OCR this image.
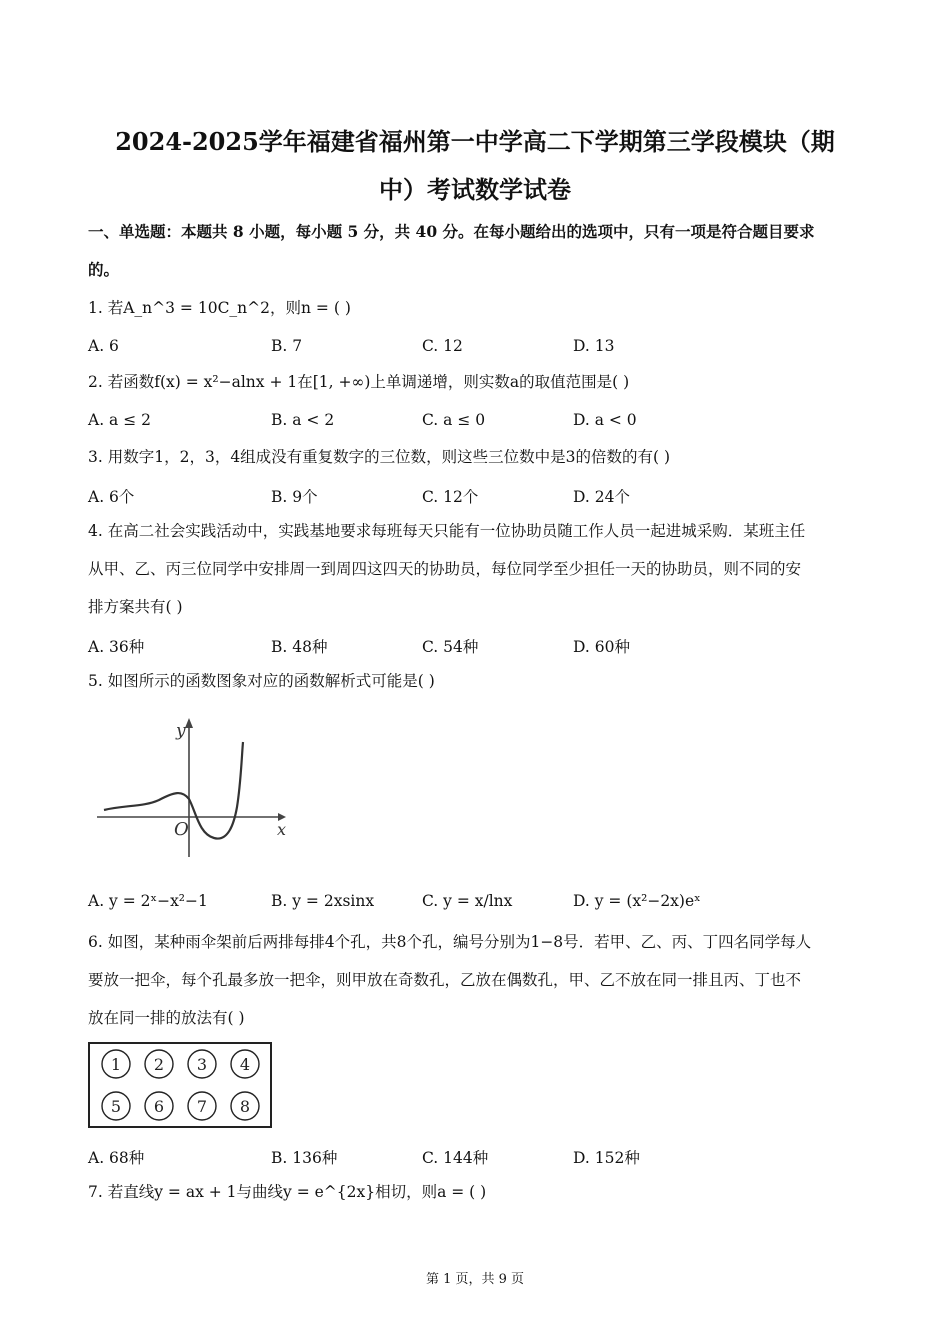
2024-2025学年福建省福州第一中学高二下学期第三学段模块（期
中）考试数学试卷
一、单选题：本题共 8 小题，每小题 5 分，共 40 分。在每小题给出的选项中，只有一项是符合题目要求
的。
1. 若A_n^3 = 10C_n^2，则n = ( )
A. 6	B. 7	C. 12	D. 13
2. 若函数f(x) = x²−alnx + 1在[1, +∞)上单调递增，则实数a的取值范围是( )
A. a ≤ 2	B. a < 2	C. a ≤ 0	D. a < 0
3. 用数字1，2，3，4组成没有重复数字的三位数，则这些三位数中是3的倍数的有( )
A. 6个	B. 9个	C. 12个	D. 24个
4. 在高二社会实践活动中，实践基地要求每班每天只能有一位协助员随工作人员一起进城采购．某班主任
从甲、乙、丙三位同学中安排周一到周四这四天的协助员，每位同学至少担任一天的协助员，则不同的安
排方案共有( )
A. 36种	B. 48种	C. 54种	D. 60种
5. 如图所示的函数图象对应的函数解析式可能是( )
y
x
O
A. y = 2ˣ−x²−1	B. y = 2xsinx	C. y = x/lnx	D. y = (x²−2x)eˣ
6. 如图，某种雨伞架前后两排每排4个孔，共8个孔，编号分别为1−8号．若甲、乙、丙、丁四名同学每人
要放一把伞，每个孔最多放一把伞，则甲放在奇数孔，乙放在偶数孔，甲、乙不放在同一排且丙、丁也不
放在同一排的放法有( )
1 2 3 4
5 6 7 8
A. 68种	B. 136种	C. 144种	D. 152种
7. 若直线y = ax + 1与曲线y = e^{2x}相切，则a = ( )
第 1 页，共 9 页
